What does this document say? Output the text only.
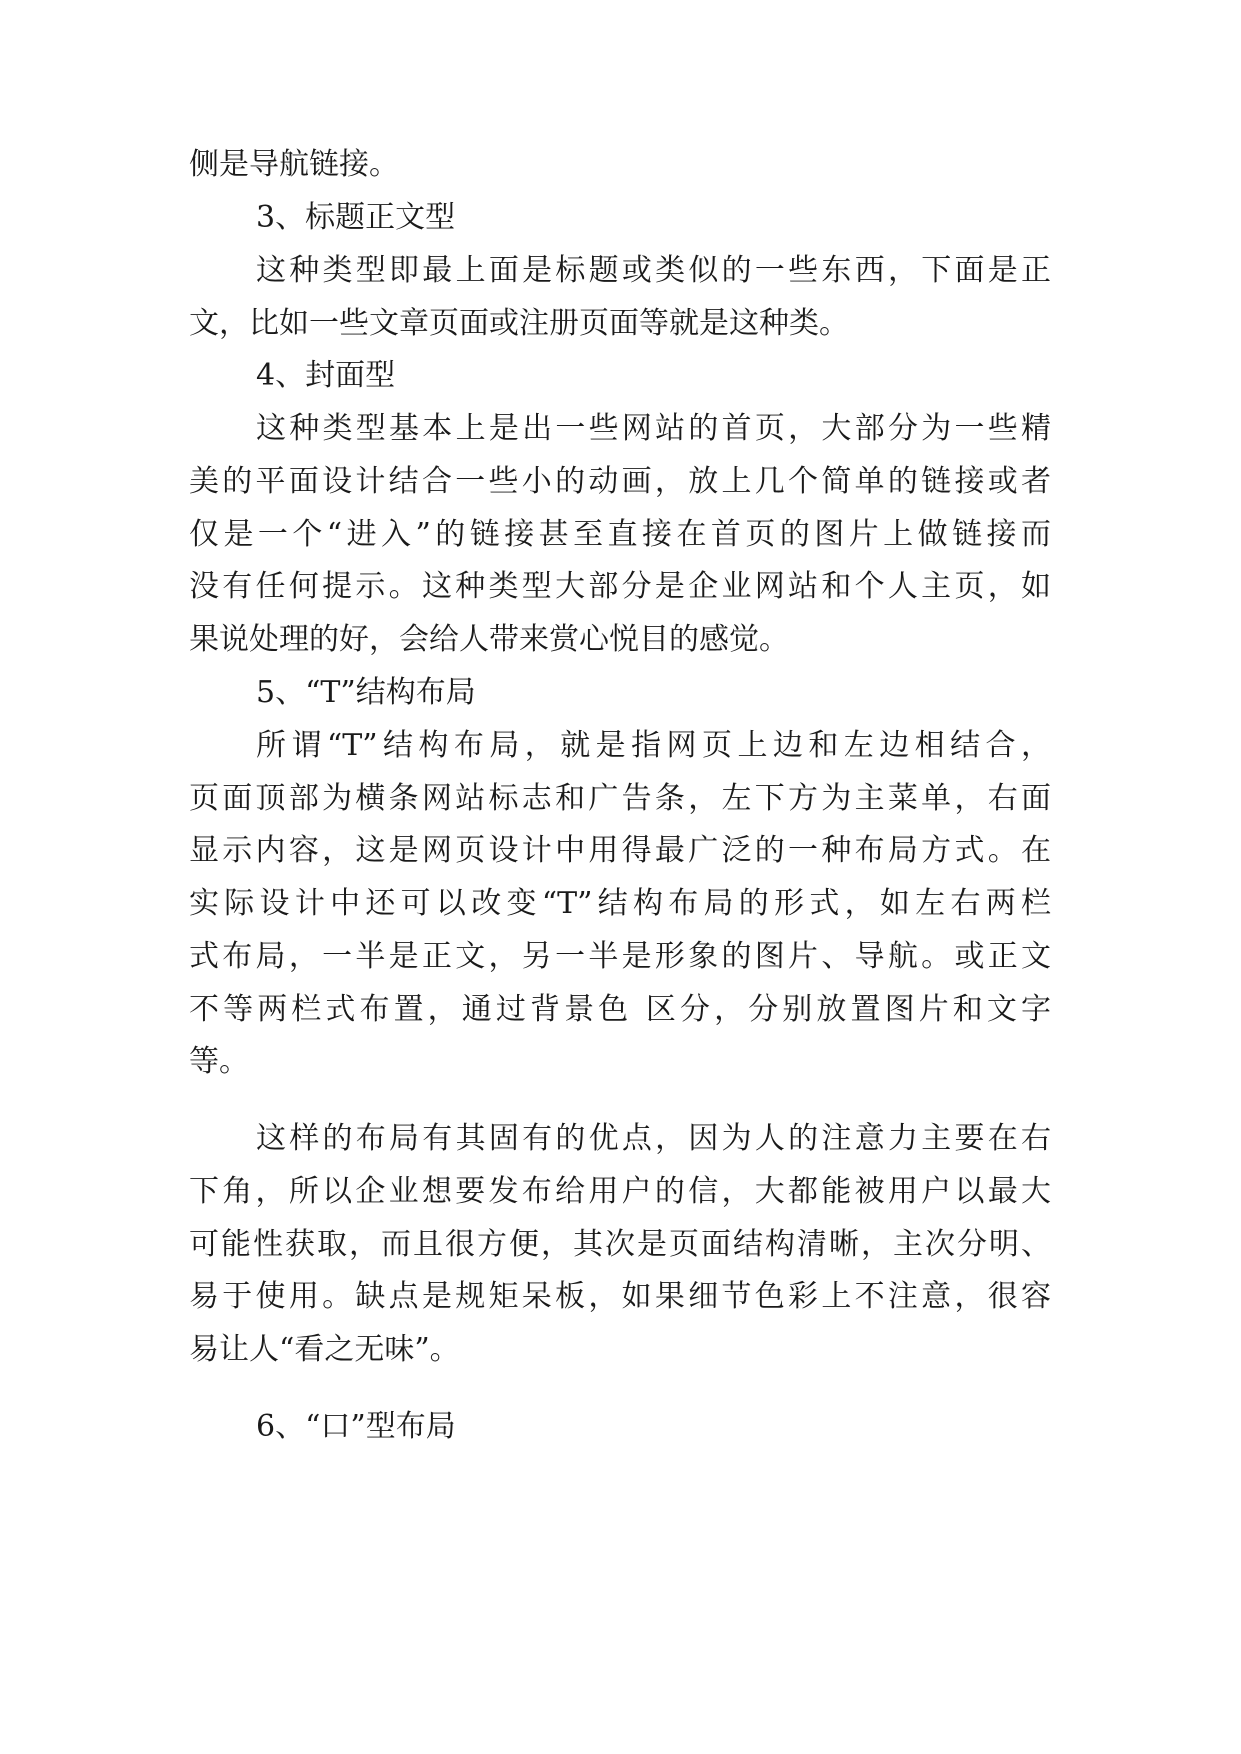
侧是导航链接。
3、标题正文型
这种类型即最上面是标题或类似的一些东西，下面是正
文，比如一些文章页面或注册页面等就是这种类。
4、封面型
这种类型基本上是出一些网站的首页，大部分为一些精
美的平面设计结合一些小的动画，放上几个简单的链接或者
仅是一个“进入”的链接甚至直接在首页的图片上做链接而
没有任何提示。这种类型大部分是企业网站和个人主页，如
果说处理的好，会给人带来赏心悦目的感觉。
5、“T”结构布局
所谓“T”结构布局，就是指网页上边和左边相结合，
页面顶部为横条网站标志和广告条，左下方为主菜单，右面
显示内容，这是网页设计中用得最广泛的一种布局方式。在
实际设计中还可以改变“T”结构布局的形式，如左右两栏
式布局，一半是正文，另一半是形象的图片、导航。或正文
不等两栏式布置，通过背景色 区分，分别放置图片和文字
等。
这样的布局有其固有的优点，因为人的注意力主要在右
下角，所以企业想要发布给用户的信，大都能被用户以最大
可能性获取，而且很方便，其次是页面结构清晰，主次分明、
易于使用。缺点是规矩呆板，如果细节色彩上不注意，很容
易让人“看之无味”。
6、“口”型布局
